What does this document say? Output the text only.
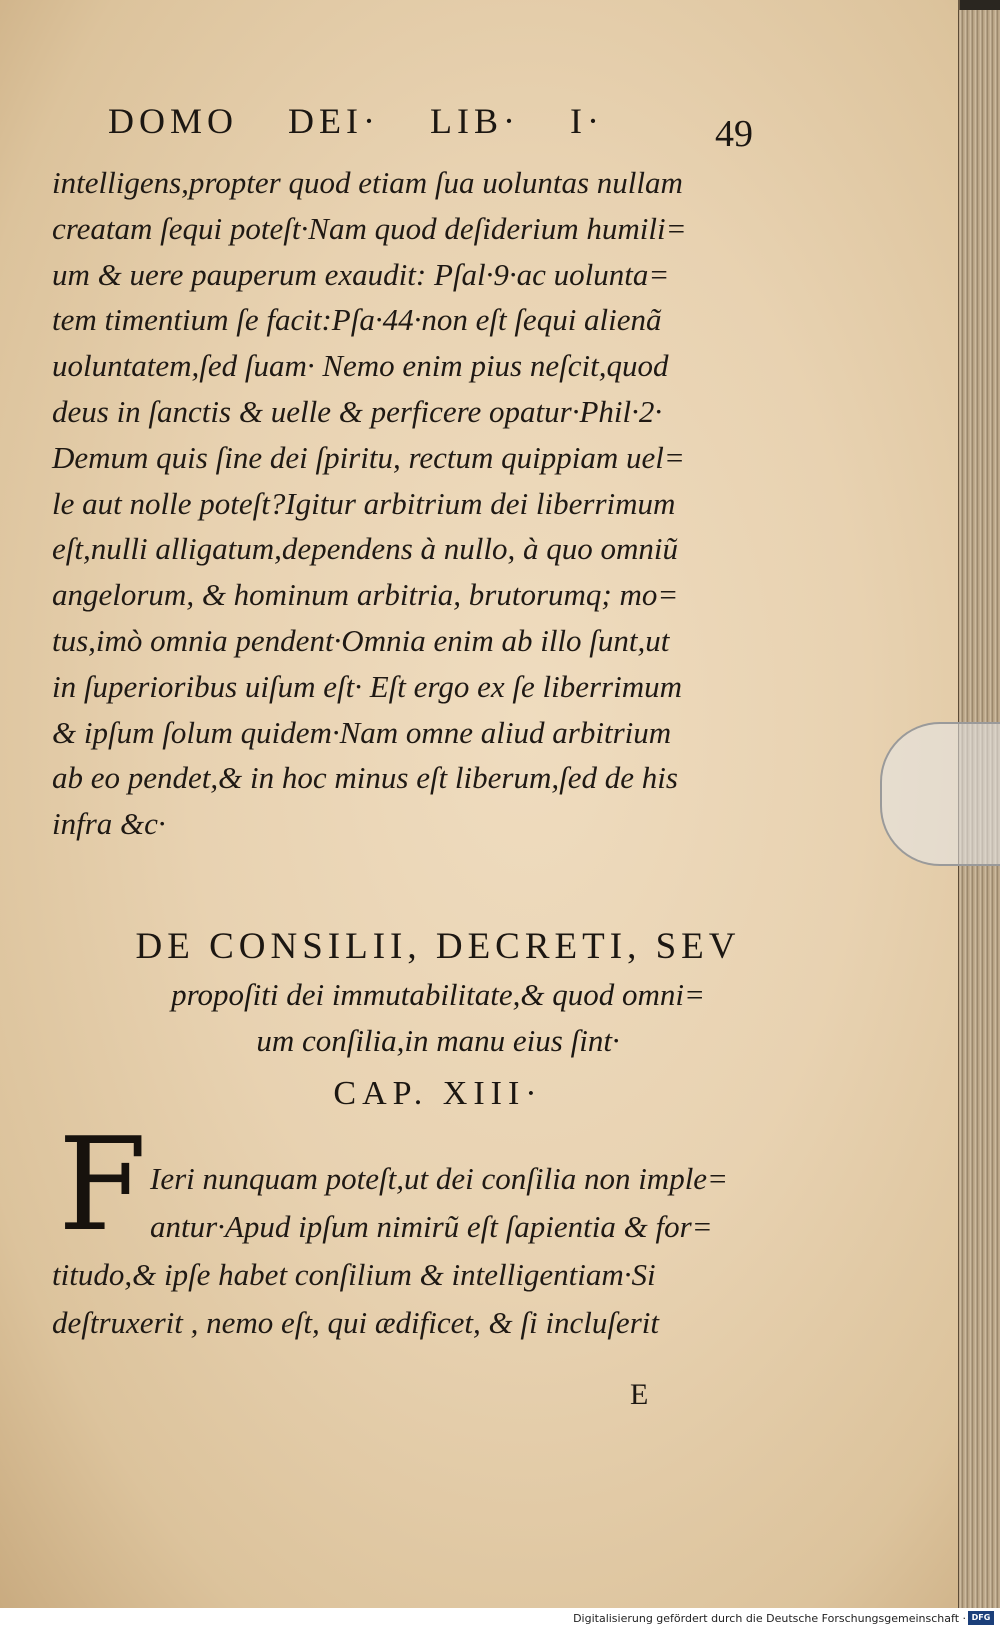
DOMO DEI· LIB· I·	49
intelligens,propter quod etiam ſua uoluntas nullam
creatam ſequi poteſt·Nam quod deſiderium humili=
um & uere pauperum exaudit: Pſal·9·ac uolunta=
tem timentium ſe facit:Pſa·44·non eſt ſequi alienã
uoluntatem,ſed ſuam· Nemo enim pius neſcit,quod
deus in ſanctis & uelle & perficere opatur·Phil·2·
Demum quis ſine dei ſpiritu, rectum quippiam uel=
le aut nolle poteſt?Igitur arbitrium dei liberrimum
eſt,nulli alligatum,dependens à nullo, à quo omniũ
angelorum, & hominum arbitria, brutorumq; mo=
tus,imò omnia pendent·Omnia enim ab illo ſunt,ut
in ſuperioribus uiſum eſt· Eſt ergo ex ſe liberrimum
& ipſum ſolum quidem·Nam omne aliud arbitrium
ab eo pendet,& in hoc minus eſt liberum,ſed de his
infra &c·
DE CONSILII, DECRETI, SEV
propoſiti dei immutabilitate,& quod omni=
um conſilia,in manu eius ſint·
CAP. XIII·
F Ieri nunquam poteſt,ut dei conſilia non imple=
antur·Apud ipſum nimirũ eſt ſapientia & for=
titudo,& ipſe habet conſilium & intelligentiam·Si
deſtruxerit , nemo eſt, qui ædificet, & ſi incluſerit
E
Digitalisierung gefördert durch die Deutsche Forschungsgemeinschaft · DFG
